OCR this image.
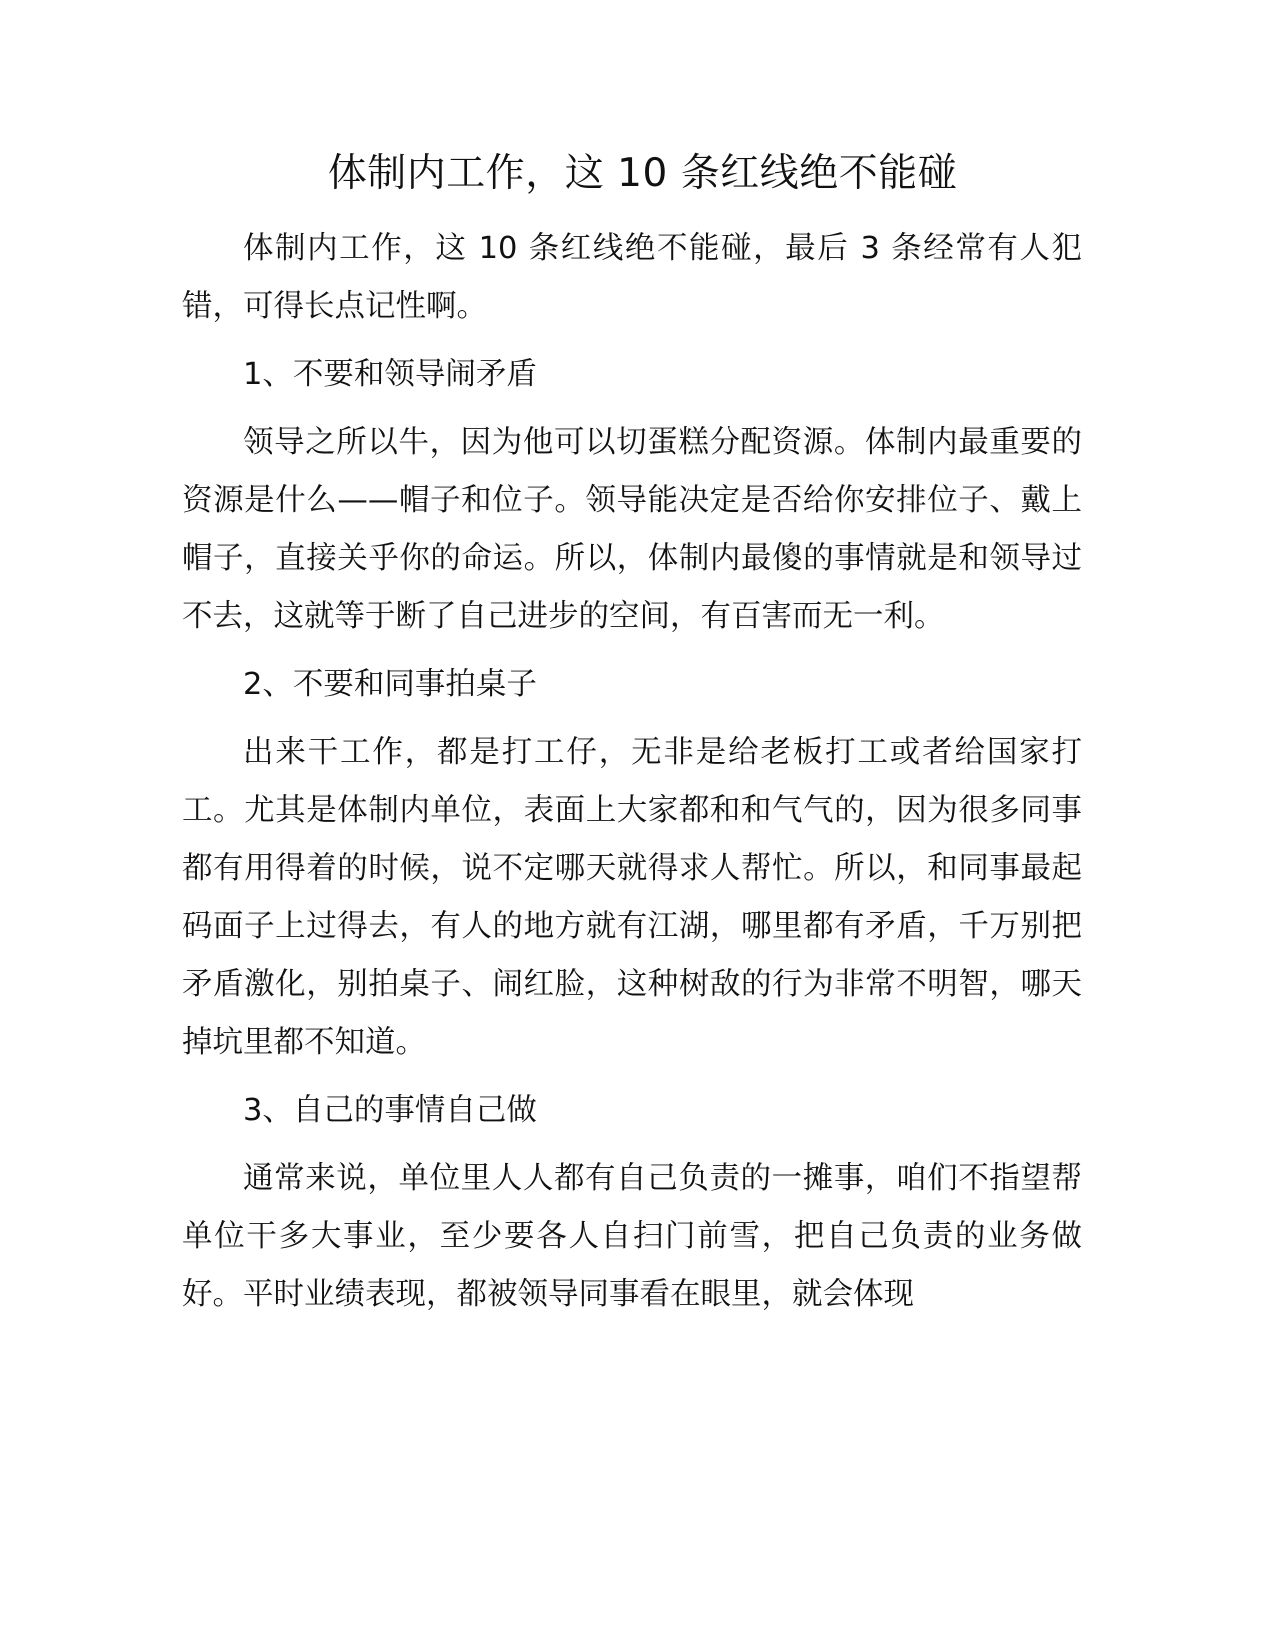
体制内工作，这 10 条红线绝不能碰

体制内工作，这 10 条红线绝不能碰，最后 3 条经常有人犯错，可得长点记性啊。

1、不要和领导闹矛盾

领导之所以牛，因为他可以切蛋糕分配资源。体制内最重要的资源是什么——帽子和位子。领导能决定是否给你安排位子、戴上帽子，直接关乎你的命运。所以，体制内最傻的事情就是和领导过不去，这就等于断了自己进步的空间，有百害而无一利。

2、不要和同事拍桌子

出来干工作，都是打工仔，无非是给老板打工或者给国家打工。尤其是体制内单位，表面上大家都和和气气的，因为很多同事都有用得着的时候，说不定哪天就得求人帮忙。所以，和同事最起码面子上过得去，有人的地方就有江湖，哪里都有矛盾，千万别把矛盾激化，别拍桌子、闹红脸，这种树敌的行为非常不明智，哪天掉坑里都不知道。

3、自己的事情自己做

通常来说，单位里人人都有自己负责的一摊事，咱们不指望帮单位干多大事业，至少要各人自扫门前雪，把自己负责的业务做好。平时业绩表现，都被领导同事看在眼里，就会体现
